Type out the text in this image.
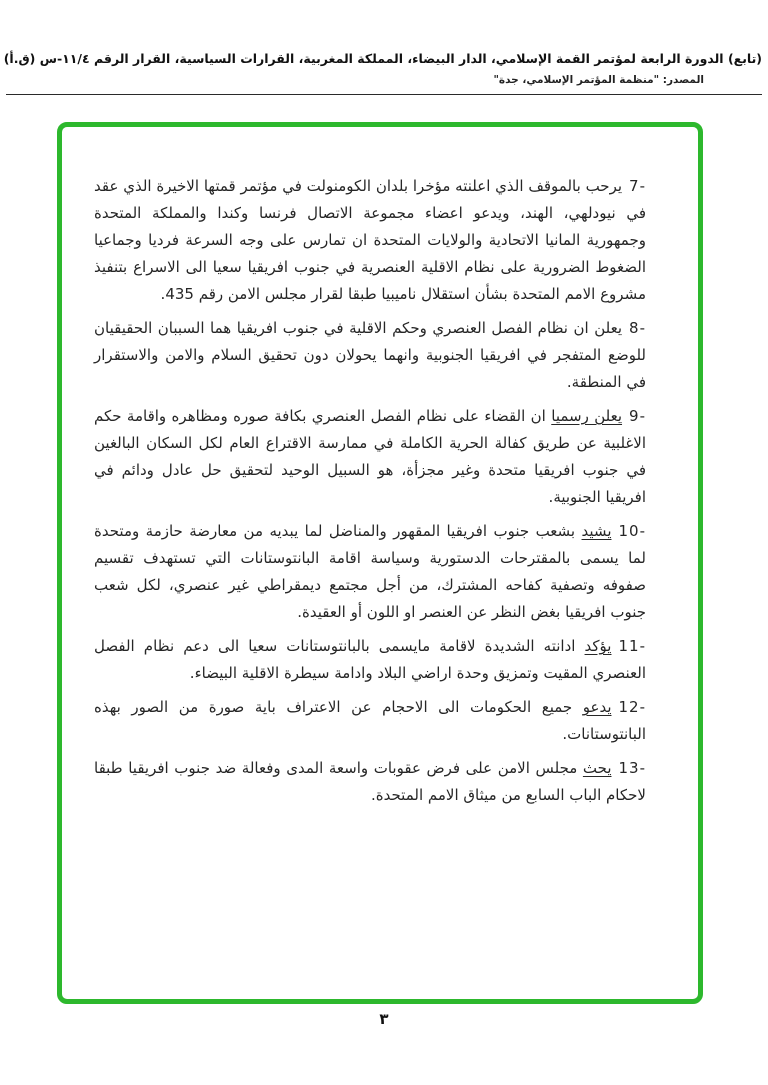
(تابع) الدورة الرابعة لمؤتمر القمة الإسلامي، الدار البيضاء، المملكة المغربية، القرارات السياسية، القرار الرقم ١١/٤-س (ق.أ)
المصدر: "منظمة المؤتمر الإسلامي، جدة"

7-يرحب بالموقف الذي اعلنته مؤخرا بلدان الكومنولت في مؤتمر قمتها الاخيرة الذي عقد في نيودلهي، الهند، ويدعو اعضاء مجموعة الاتصال فرنسا وكندا والمملكة المتحدة وجمهورية المانيا الاتحادية والولايات المتحدة ان تمارس على وجه السرعة فرديا وجماعيا الضغوط الضرورية على نظام الاقلية العنصرية في جنوب افريقيا سعيا الى الاسراع بتنفيذ مشروع الامم المتحدة بشأن استقلال ناميبيا طبقا لقرار مجلس الامن رقم 435.

8-يعلن ان نظام الفصل العنصري وحكم الاقلية في جنوب افريقيا هما السببان الحقيقيان للوضع المتفجر في افريقيا الجنوبية وانهما يحولان دون تحقيق السلام والامن والاستقرار في المنطقة.

9-يعلن رسميا ان القضاء على نظام الفصل العنصري بكافة صوره ومظاهره واقامة حكم الاغلبية عن طريق كفالة الحرية الكاملة في ممارسة الاقتراع العام لكل السكان البالغين في جنوب افريقيا متحدة وغير مجزأة، هو السبيل الوحيد لتحقيق حل عادل ودائم في افريقيا الجنوبية.

10-يشيد بشعب جنوب افريقيا المقهور والمناضل لما يبديه من معارضة حازمة ومتحدة لما يسمى بالمقترحات الدستورية وسياسة اقامة البانتوستانات التي تستهدف تقسيم صفوفه وتصفية كفاحه المشترك، من أجل مجتمع ديمقراطي غير عنصري، لكل شعب جنوب افريقيا بغض النظر عن العنصر او اللون أو العقيدة.

11-يؤكد ادانته الشديدة لاقامة مايسمى بالبانتوستانات سعيا الى دعم نظام الفصل العنصري المقيت وتمزيق وحدة اراضي البلاد وادامة سيطرة الاقلية البيضاء.

12-يدعو جميع الحكومات الى الاحجام عن الاعتراف باية صورة من الصور بهذه البانتوستانات.

13-يحث مجلس الامن على فرض عقوبات واسعة المدى وفعالة ضد جنوب افريقيا طبقا لاحكام الباب السابع من ميثاق الامم المتحدة.

٣
